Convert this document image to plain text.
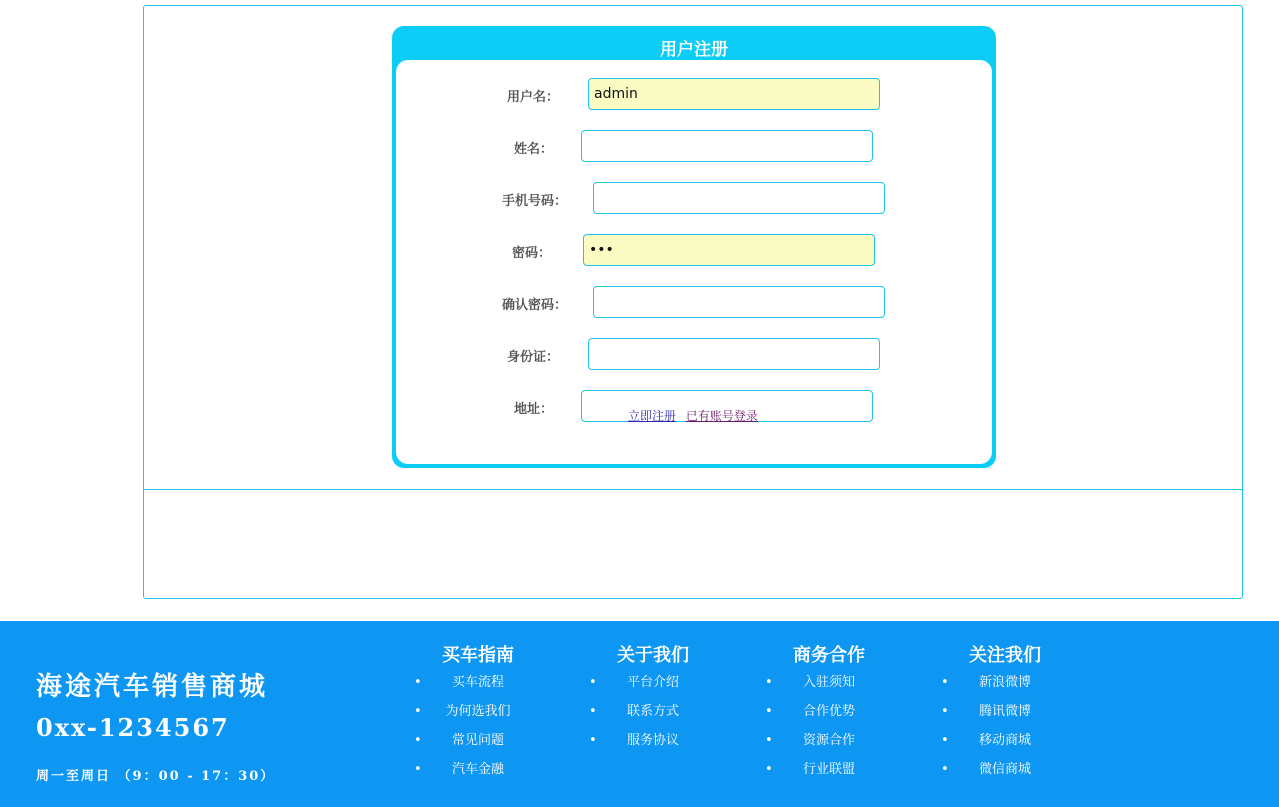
用户注册
用户名：
admin
姓名：
手机号码：
密码：
•••
确认密码：
身份证：
地址：	立即注册 已有账号登录
海途汽车销售商城
0xx-1234567
周一至周日 （9：00 - 17：30）
买车指南
•	买车流程
•	为何选我们
•	常见问题
•	汽车金融
关于我们
•	平台介绍
•	联系方式
•	服务协议
商务合作
•	入驻须知
•	合作优势
•	资源合作
•	行业联盟
关注我们
•	新浪微博
•	腾讯微博
•	移动商城
•	微信商城
